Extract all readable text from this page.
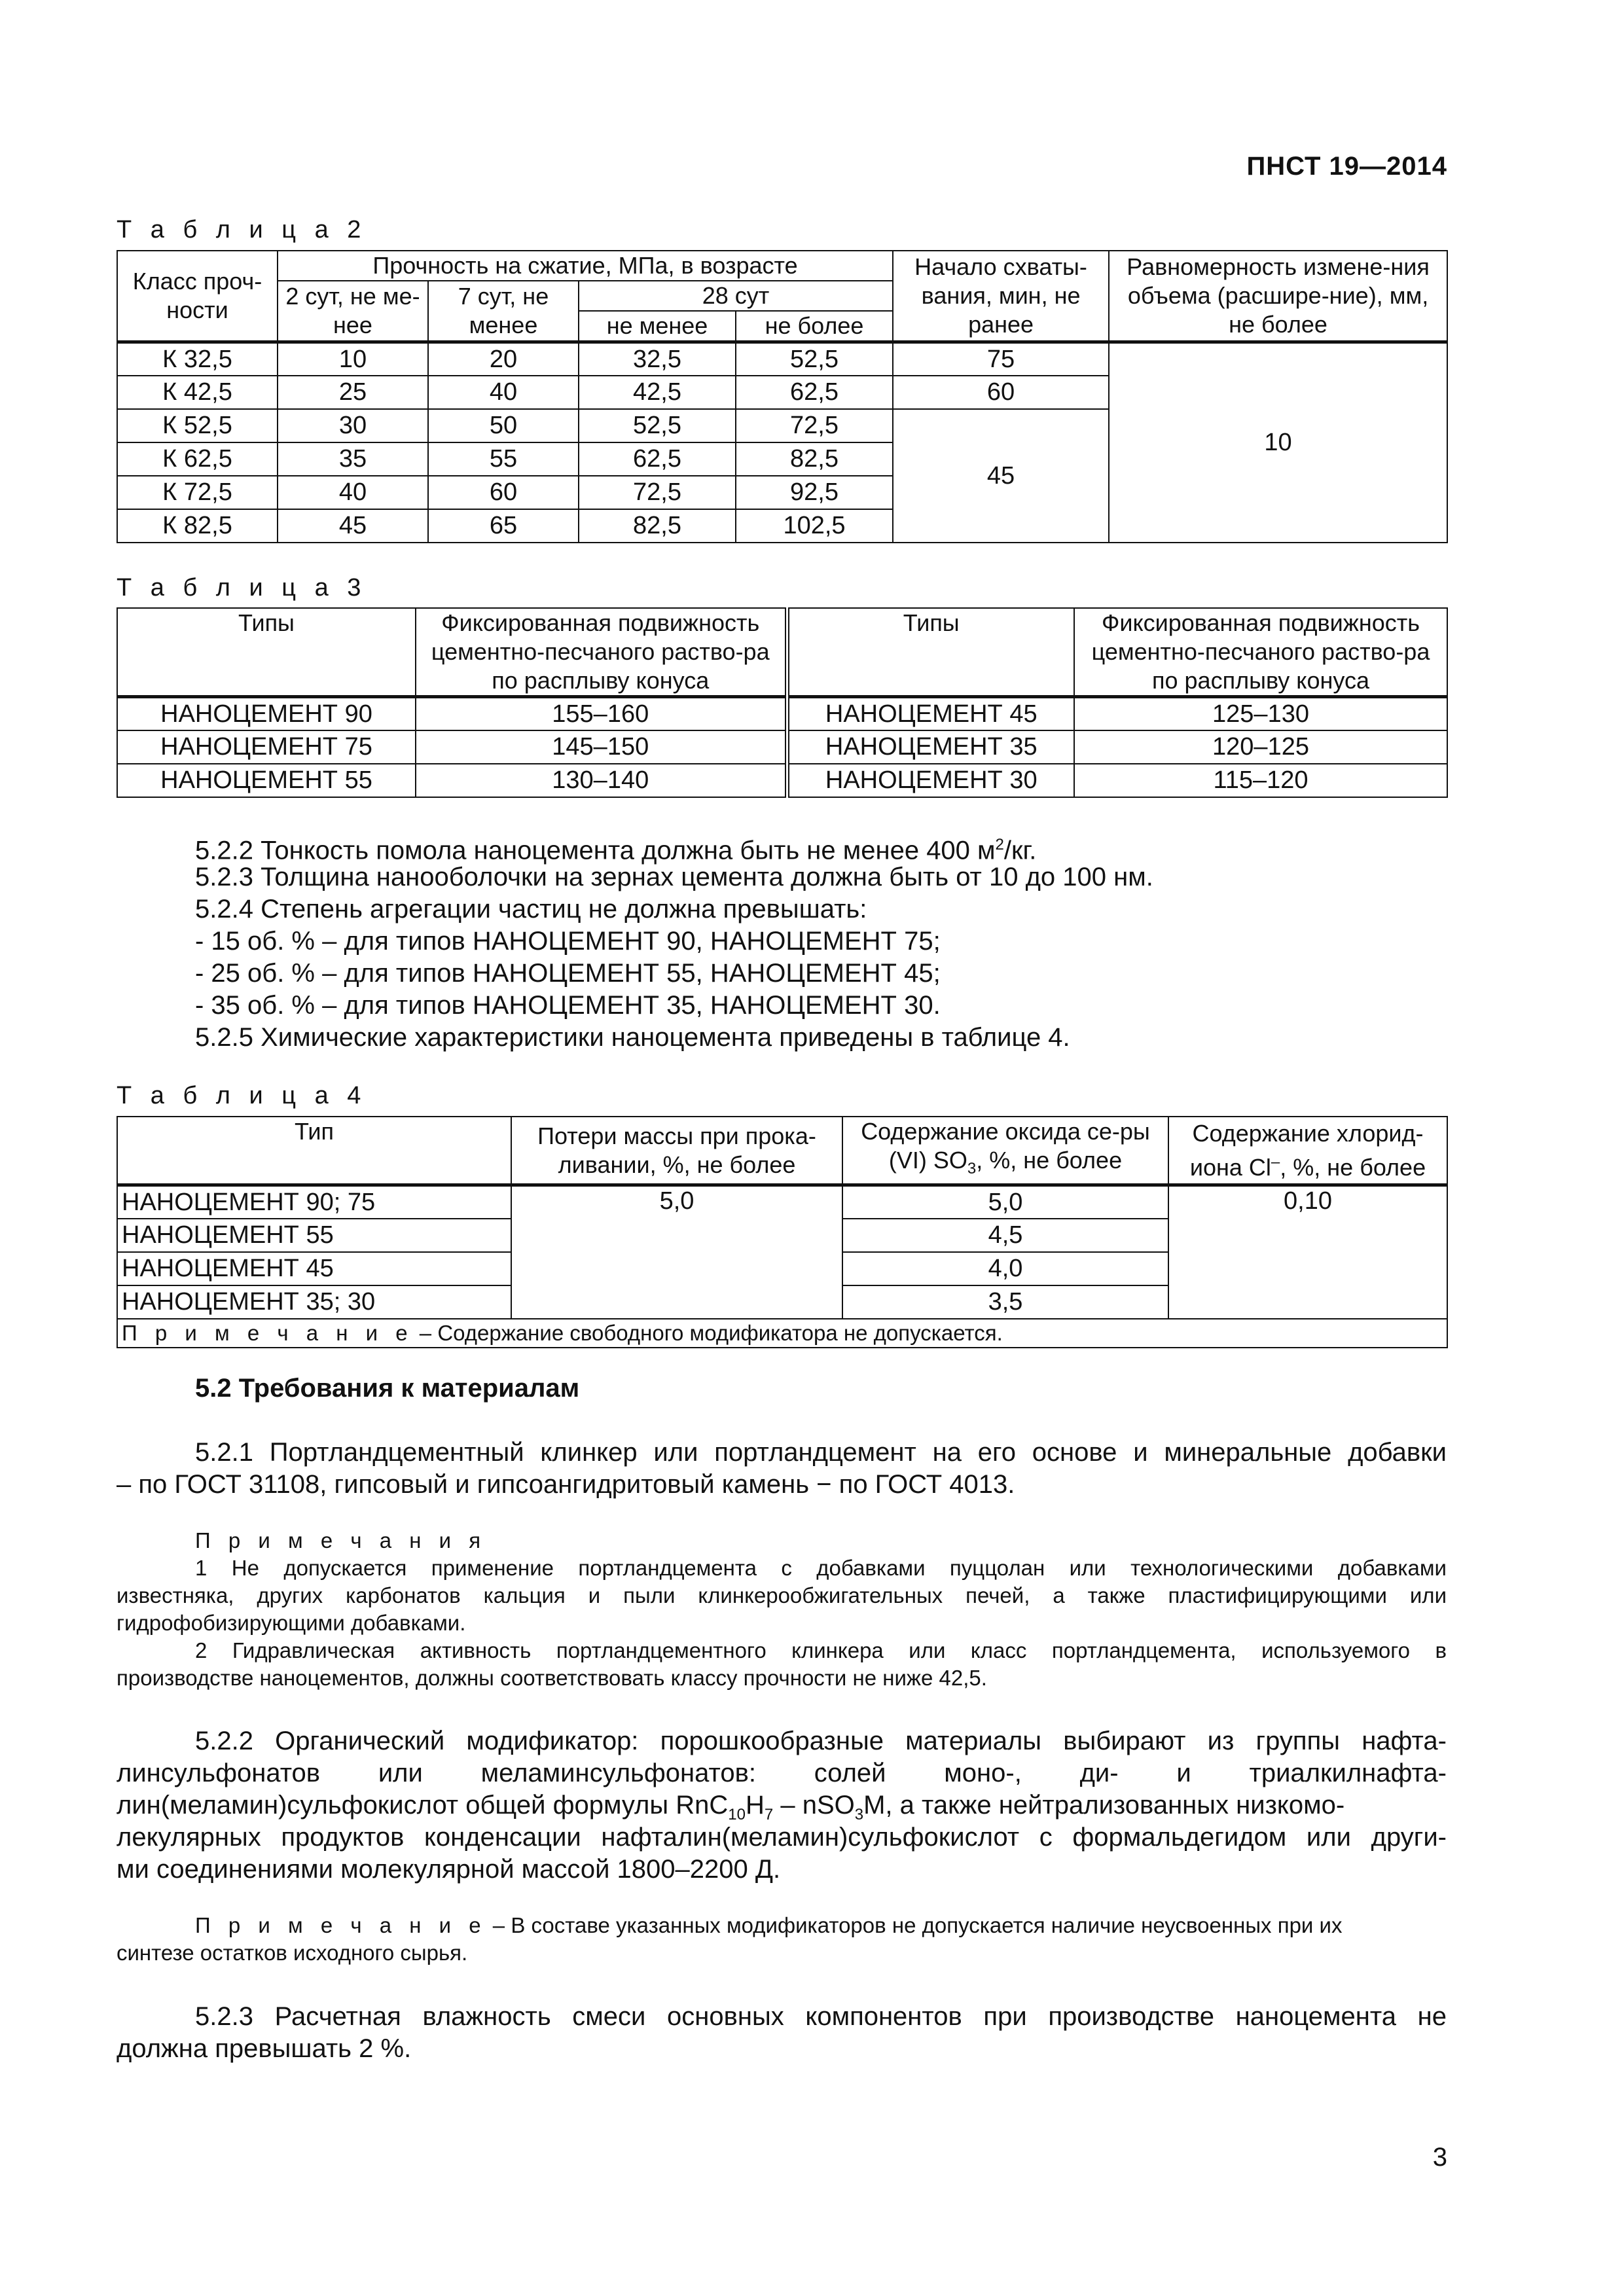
ПНСТ 19—2014
Т а б л и ц а 2
Класс проч-ности	Прочность на сжатие, МПа, в возрасте				Начало схваты-вания, мин, не ранее	Равномерность измене-ния объема (расшире-ние), мм, не более
	2 сут, не ме-нее	7 сут, не менее	28 сут			
			не менее	не более		
К 32,5	10	20	32,5	52,5	75	10
К 42,5	25	40	42,5	62,5	60	
К 52,5	30	50	52,5	72,5	45	
К 62,5	35	55	62,5	82,5		
К 72,5	40	60	72,5	92,5		
К 82,5	45	65	82,5	102,5		
Т а б л и ц а 3
Типы	Фиксированная подвижность цементно-песчаного раство-ра по расплыву конуса	Типы	Фиксированная подвижность цементно-песчаного раство-ра по расплыву конуса
НАНОЦЕМЕНТ 90	155–160	НАНОЦЕМЕНТ 45	125–130
НАНОЦЕМЕНТ 75	145–150	НАНОЦЕМЕНТ 35	120–125
НАНОЦЕМЕНТ 55	130–140	НАНОЦЕМЕНТ 30	115–120
5.2.2 Тонкость помола наноцемента должна быть не менее 400 $м^2/кг$.
5.2.3 Толщина нанооболочки на зернах цемента должна быть от 10 до 100 нм.
5.2.4 Степень агрегации частиц не должна превышать:
- 15 об. % – для типов НАНОЦЕМЕНТ 90, НАНОЦЕМЕНТ 75;
- 25 об. % – для типов НАНОЦЕМЕНТ 55, НАНОЦЕМЕНТ 45;
- 35 об. % – для типов НАНОЦЕМЕНТ 35, НАНОЦЕМЕНТ 30.
5.2.5 Химические характеристики наноцемента приведены в таблице 4.
Т а б л и ц а 4
Тип	Потери массы при прока-ливании, %, не более	Содержание оксида се-ры (VI) $SO_3$, %, не более	Содержание хлорид-иона Cl–, %, не более
НАНОЦЕМЕНТ 90; 75	5,0	5,0	0,10
НАНОЦЕМЕНТ 55		4,5	
НАНОЦЕМЕНТ 45		4,0	
НАНОЦЕМЕНТ 35; 30		3,5	
П р и м е ч а н и е – Содержание свободного модификатора не допускается.			
5.2 Требования к материалам
5.2.1 Портландцементный клинкер или портландцемент на его основе и минеральные добавки
– по ГОСТ 31108, гипсовый и гипсоангидритовый камень − по ГОСТ 4013.
П р и м е ч а н и я
1 Не допускается применение портландцемента с добавками пуццолан или технологическими добавками
известняка, других карбонатов кальция и пыли клинкерообжигательных печей, а также пластифицирующими или
гидрофобизирующими добавками.
2 Гидравлическая активность портландцементного клинкера или класс портландцемента, используемого в
производстве наноцементов, должны соответствовать классу прочности не ниже 42,5.
5.2.2 Органический модификатор: порошкообразные материалы выбирают из группы нафта-
линсульфонатов или меламинсульфонатов: солей моно-, ди- и триалкилнафта-
лин(меламин)сульфокислот общей формулы $RnC_{10}H_7 - nSO_3M$, а также нейтрализованных низкомо-
лекулярных продуктов конденсации нафталин(меламин)сульфокислот с формальдегидом или други-
ми соединениями молекулярной массой 1800–2200 Д.
П р и м е ч а н и е – В составе указанных модификаторов не допускается наличие неусвоенных при их
синтезе остатков исходного сырья.
5.2.3 Расчетная влажность смеси основных компонентов при производстве наноцемента не
должна превышать 2 %.
3
